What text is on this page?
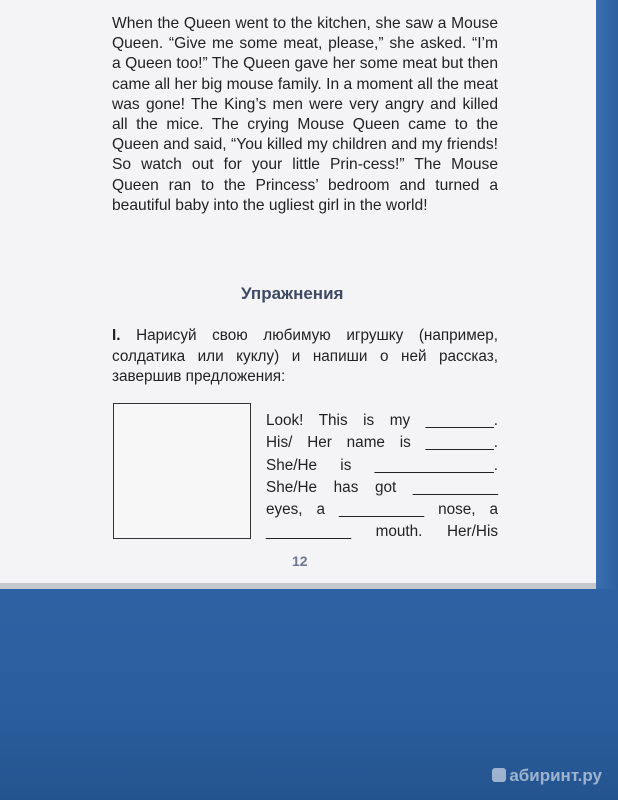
When the Queen went to the kitchen, she saw a Mouse Queen. “Give me some meat, please,” she asked. “I’m a Queen too!” The Queen gave her some meat but then came all her big mouse family. In a moment all the meat was gone! The King’s men were very angry and killed all the mice. The crying Mouse Queen came to the Queen and said, “You killed my children and my friends! So watch out for your little Prin-cess!” The Mouse Queen ran to the Princess’ bedroom and turned a beautiful baby into the ugliest girl in the world!

Упражнения

I. Нарисуй свою любимую игрушку (например, солдатика или куклу) и напиши о ней рассказ, завершив предложения:

Look! This is my ________.
His/ Her name is ________.
She/He is ______________.
She/He has got __________
eyes, a __________ nose, a
__________ mouth. Her/His

12

абиринт.ру
